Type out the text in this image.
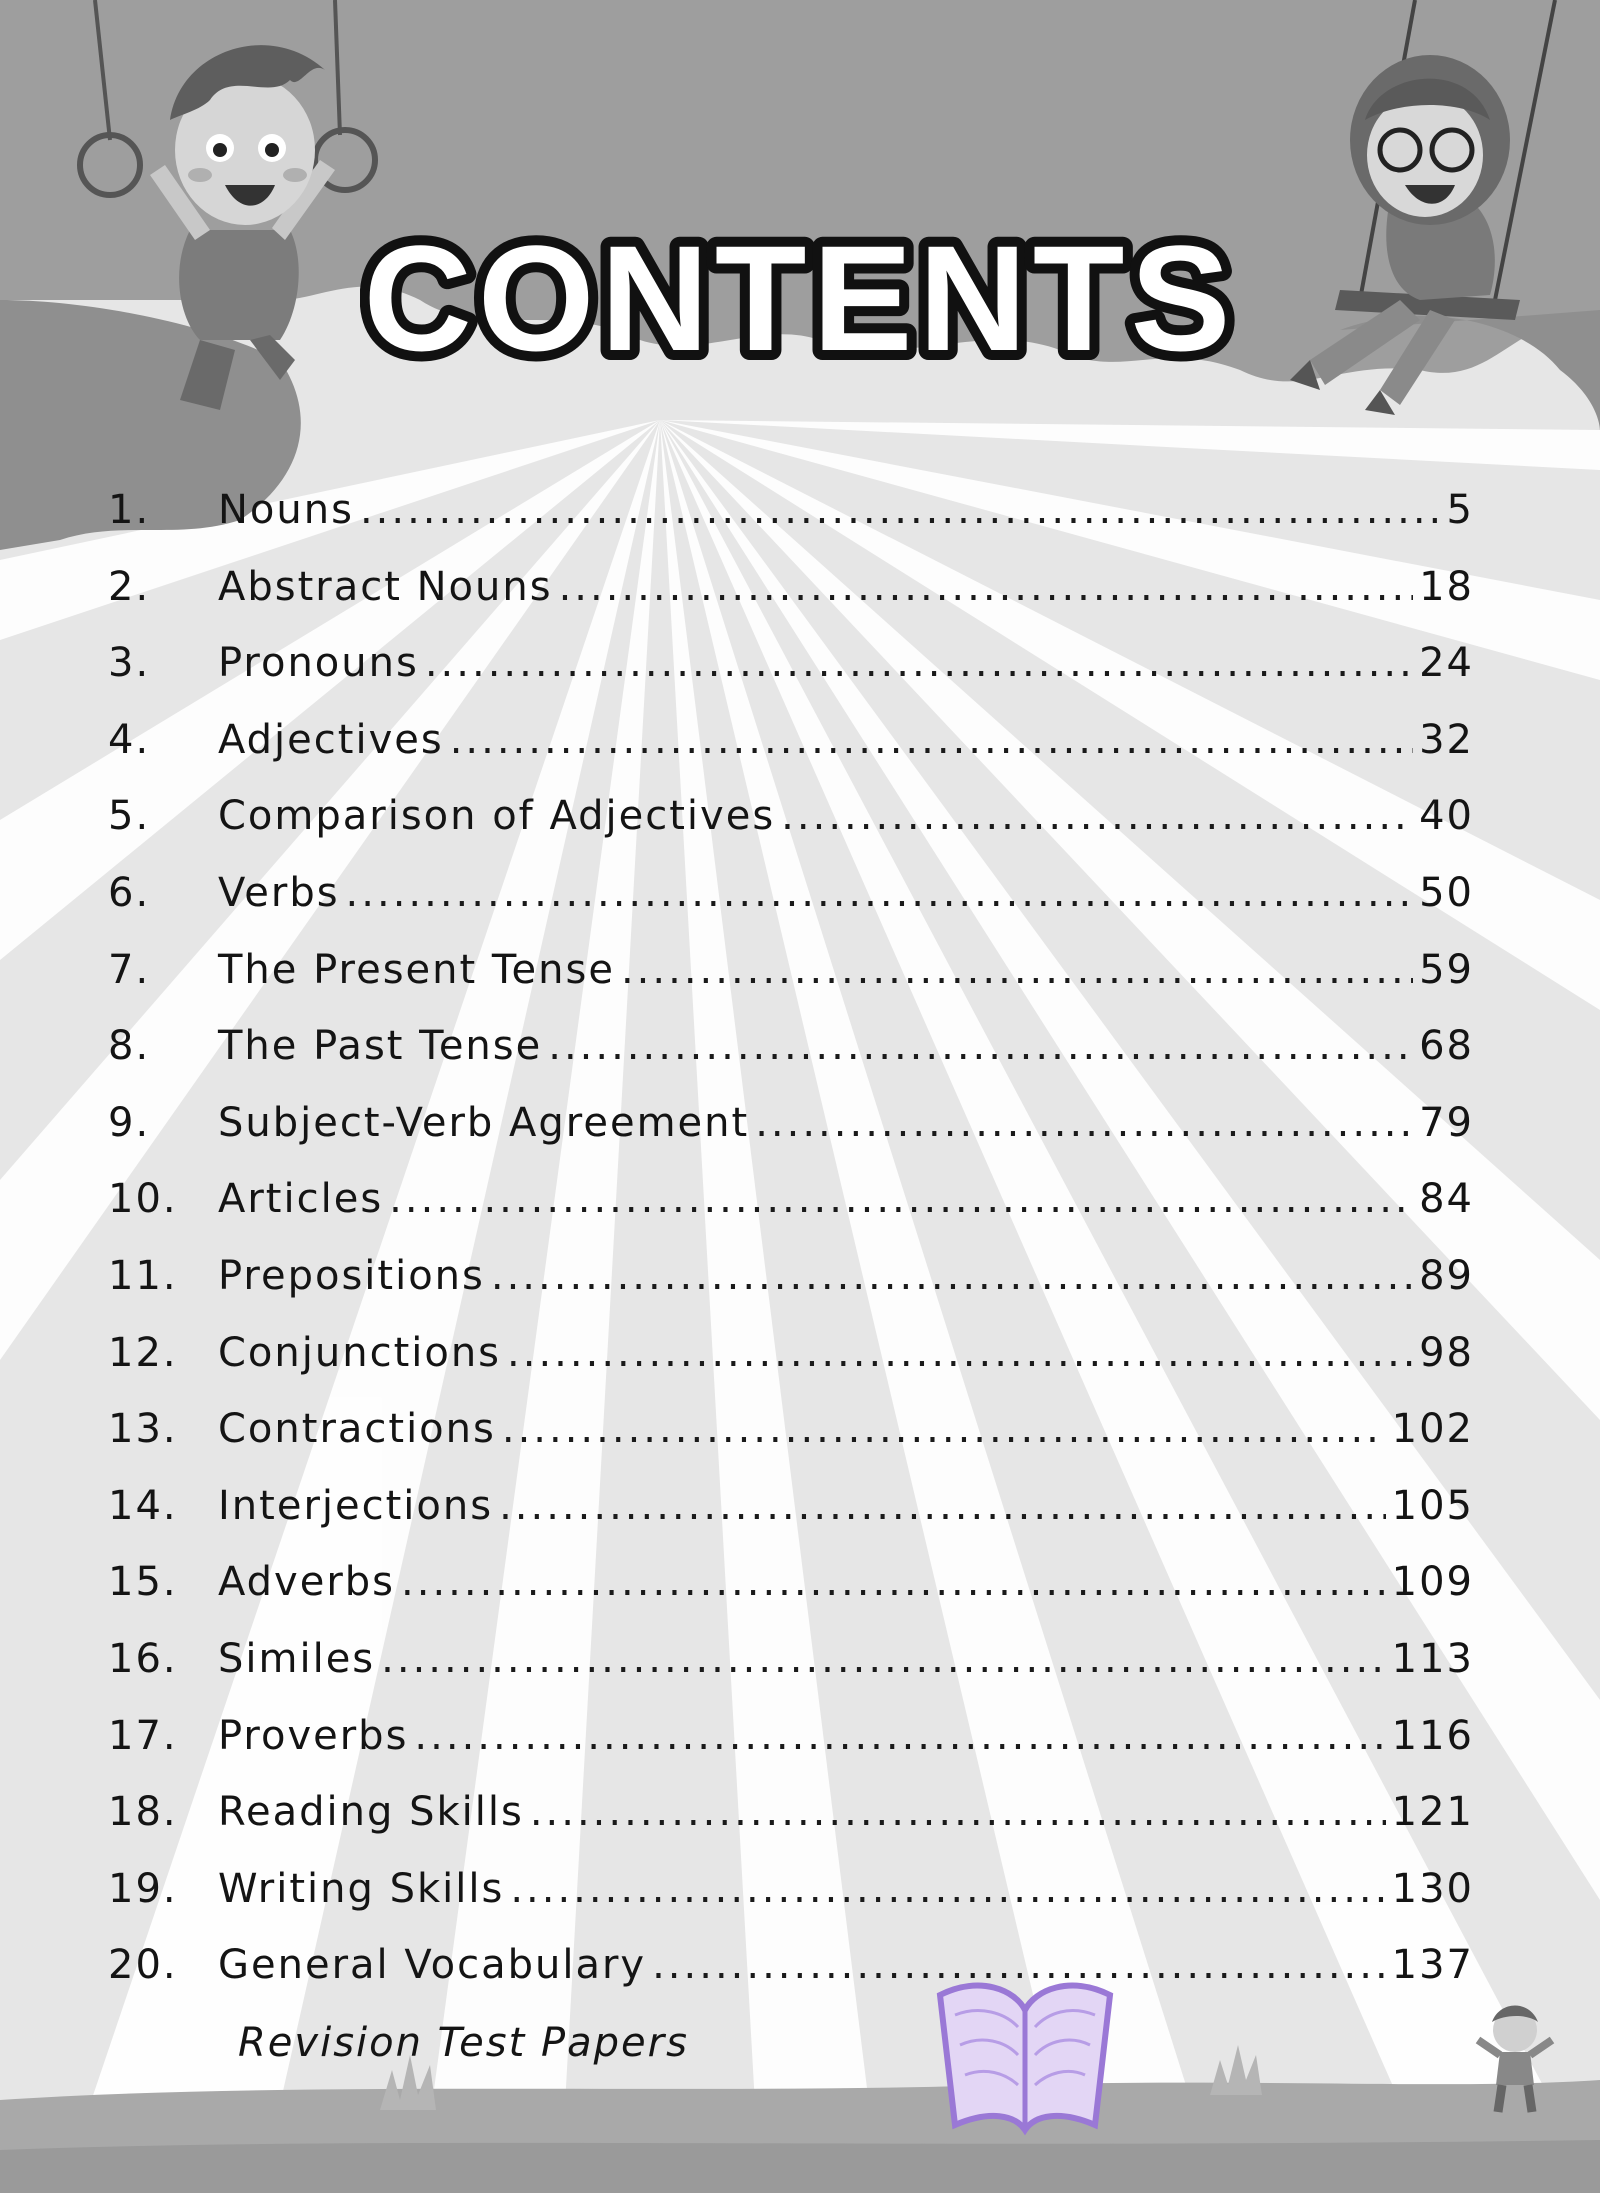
CONTENTS
1.	Nouns .....	5
2.	Abstract Nouns .....	18
3.	Pronouns .....	24
4.	Adjectives .....	32
5.	Comparison of Adjectives .....	40
6.	Verbs .....	50
7.	The Present Tense .....	59
8.	The Past Tense .....	68
9.	Subject-Verb Agreement .....	79
10.	Articles .....	84
11.	Prepositions .....	89
12.	Conjunctions .....	98
13.	Contractions .....	102
14.	Interjections .....	105
15.	Adverbs .....	109
16.	Similes .....	113
17.	Proverbs .....	116
18.	Reading Skills .....	121
19.	Writing Skills .....	130
20.	General Vocabulary .....	137
Revision Test Papers
